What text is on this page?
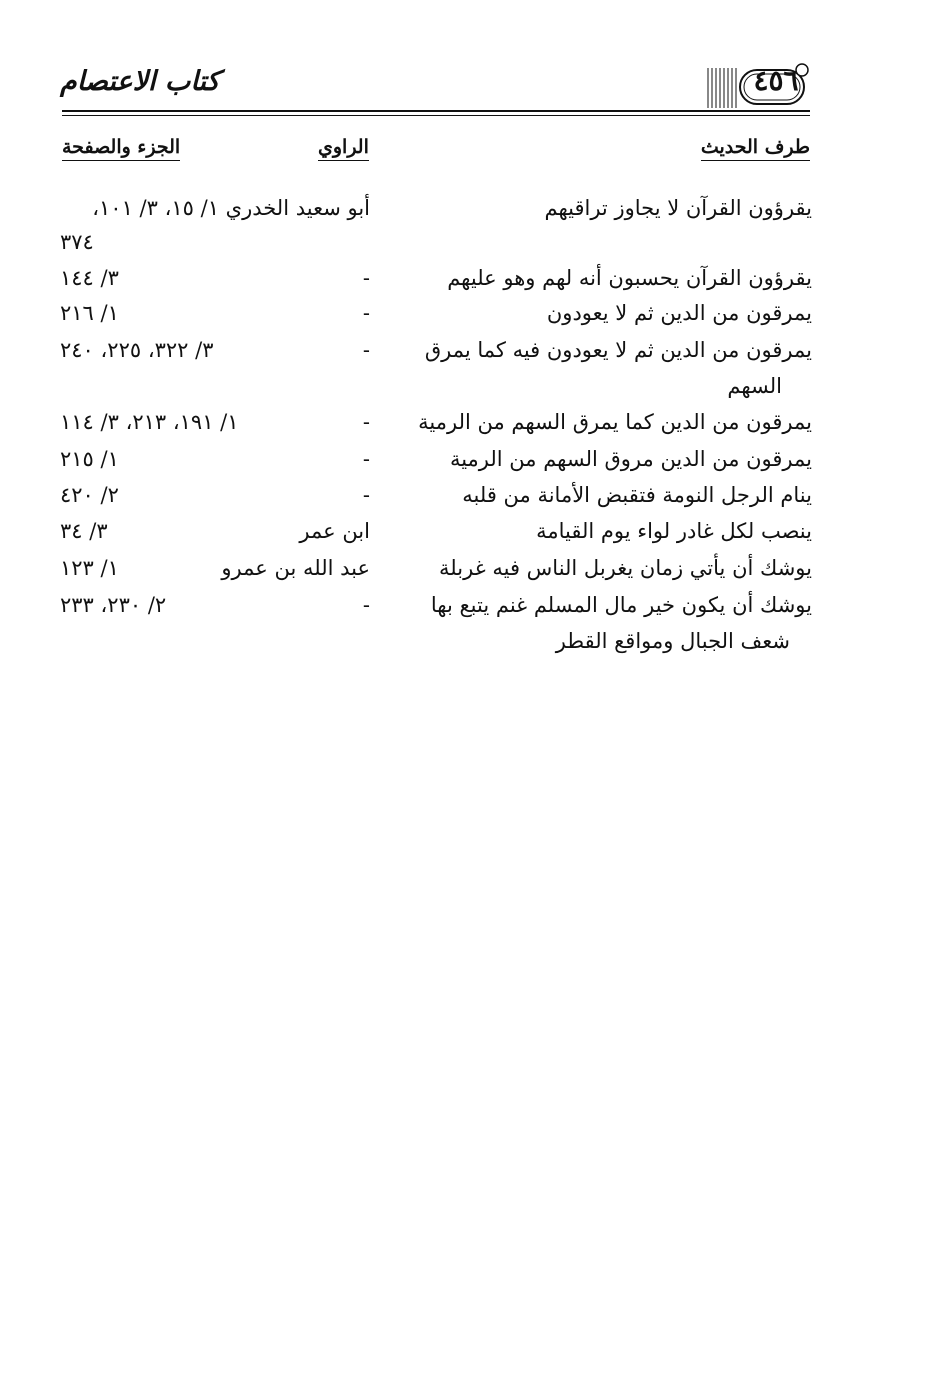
كتاب الاعتصام	٤٥٦
طرف الحديث
الراوي
الجزء والصفحة
يقرؤون القرآن لا يجاوز تراقيهم
أبو سعيد الخدري ١/ ١٥، ٣/ ١٠١،
٣٧٤
يقرؤون القرآن يحسبون أنه لهم وهو عليهم
-
٣/ ١٤٤
يمرقون من الدين ثم لا يعودون
-
١/ ٢١٦
يمرقون من الدين ثم لا يعودون فيه كما يمرق
السهم
-
٣/ ٣٢٢، ٢٢٥، ٢٤٠
يمرقون من الدين كما يمرق السهم من الرمية
-
١/ ١٩١، ٢١٣، ٣/ ١١٤
يمرقون من الدين مروق السهم من الرمية
-
١/ ٢١٥
ينام الرجل النومة فتقبض الأمانة من قلبه
-
٢/ ٤٢٠
ينصب لكل غادر لواء يوم القيامة
ابن عمر
٣/ ٣٤
يوشك أن يأتي زمان يغربل الناس فيه غربلة
عبد الله بن عمرو
١/ ١٢٣
يوشك أن يكون خير مال المسلم غنم يتبع بها
شعف الجبال ومواقع القطر
-
٢/ ٢٣٠، ٢٣٣
